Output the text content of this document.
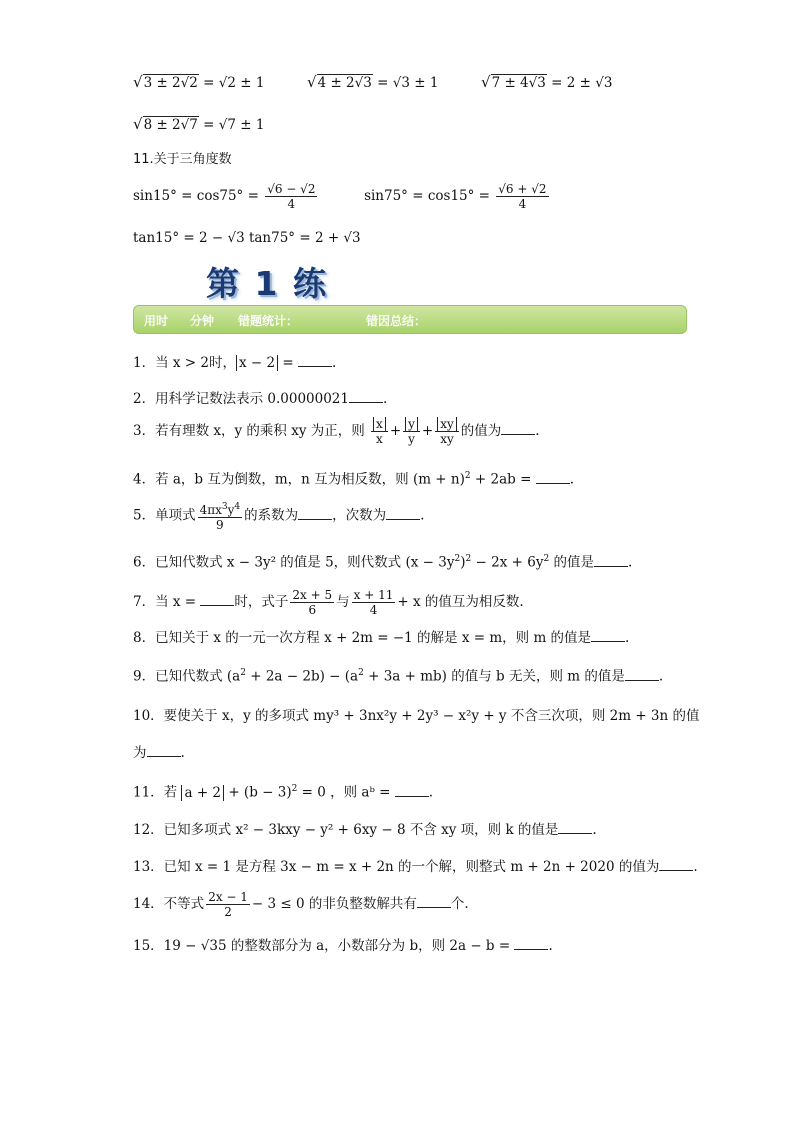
√3 ± 2√2 = √2 ± 1	√4 ± 2√3 = √3 ± 1	√7 ± 4√3 = 2 ± √3
√8 ± 2√7 = √7 ± 1
11.关于三角度数
$\sin 15^\circ = \cos 75^\circ = \frac{√6 - √2}{4}$	$\sin 75^\circ = \cos 15^\circ = \frac{√6 + √2}{4}$
tan15° = 2 − √3 tan75° = 2 + √3
第 1 练
用时 分钟 错题统计：	错因总结：
1．当 x > 2时， x − 2 =	.
2．用科学记数法表示 0.00000021	.
3．若有理数 x，y 的乘积 xy 为正，则 $\frac{x}{x} + \frac{y}{y} + \frac{xy}{xy}$ 的值为	.
4．若 a，b 互为倒数，m，n 互为相反数，则 $(m + n)^2 + 2ab$ =	.
5．单项式 $\frac{4\pi x^3y^4}{9}$ 的系数为	，次数为	.
6．已知代数式 x − 3y² 的值是 5，则代数式 $(x - 3y^2)^2 - 2x + 6y^2$ 的值是	.
7．当 x =	时，式子 $\frac{2x + 5}{6}$ 与 $\frac{x + 11}{4} + x$ 的值互为相反数.
8．已知关于 x 的一元一次方程 x + 2m = −1 的解是 x = m，则 m 的值是	.
9．已知代数式 $(a^2 + 2a - 2b) - (a^2 + 3a + mb)$ 的值与 b 无关，则 m 的值是	.
10．要使关于 x，y 的多项式 my³ + 3nx²y + 2y³ − x²y + y 不含三次项，则 2m + 3n 的值
为	.
11．若 $a + 2 + (b - 3)^2 = 0$ ，则 aᵇ =	.
12．已知多项式 x² − 3kxy − y² + 6xy − 8 不含 xy 项，则 k 的值是	.
13．已知 x = 1 是方程 3x − m = x + 2n 的一个解，则整式 m + 2n + 2020 的值为	.
14．不等式 $\frac{2x - 1}{2} - 3 \le 0$ 的非负整数解共有	个.
15．19 − √35 的整数部分为 a，小数部分为 b，则 2a − b =	.
